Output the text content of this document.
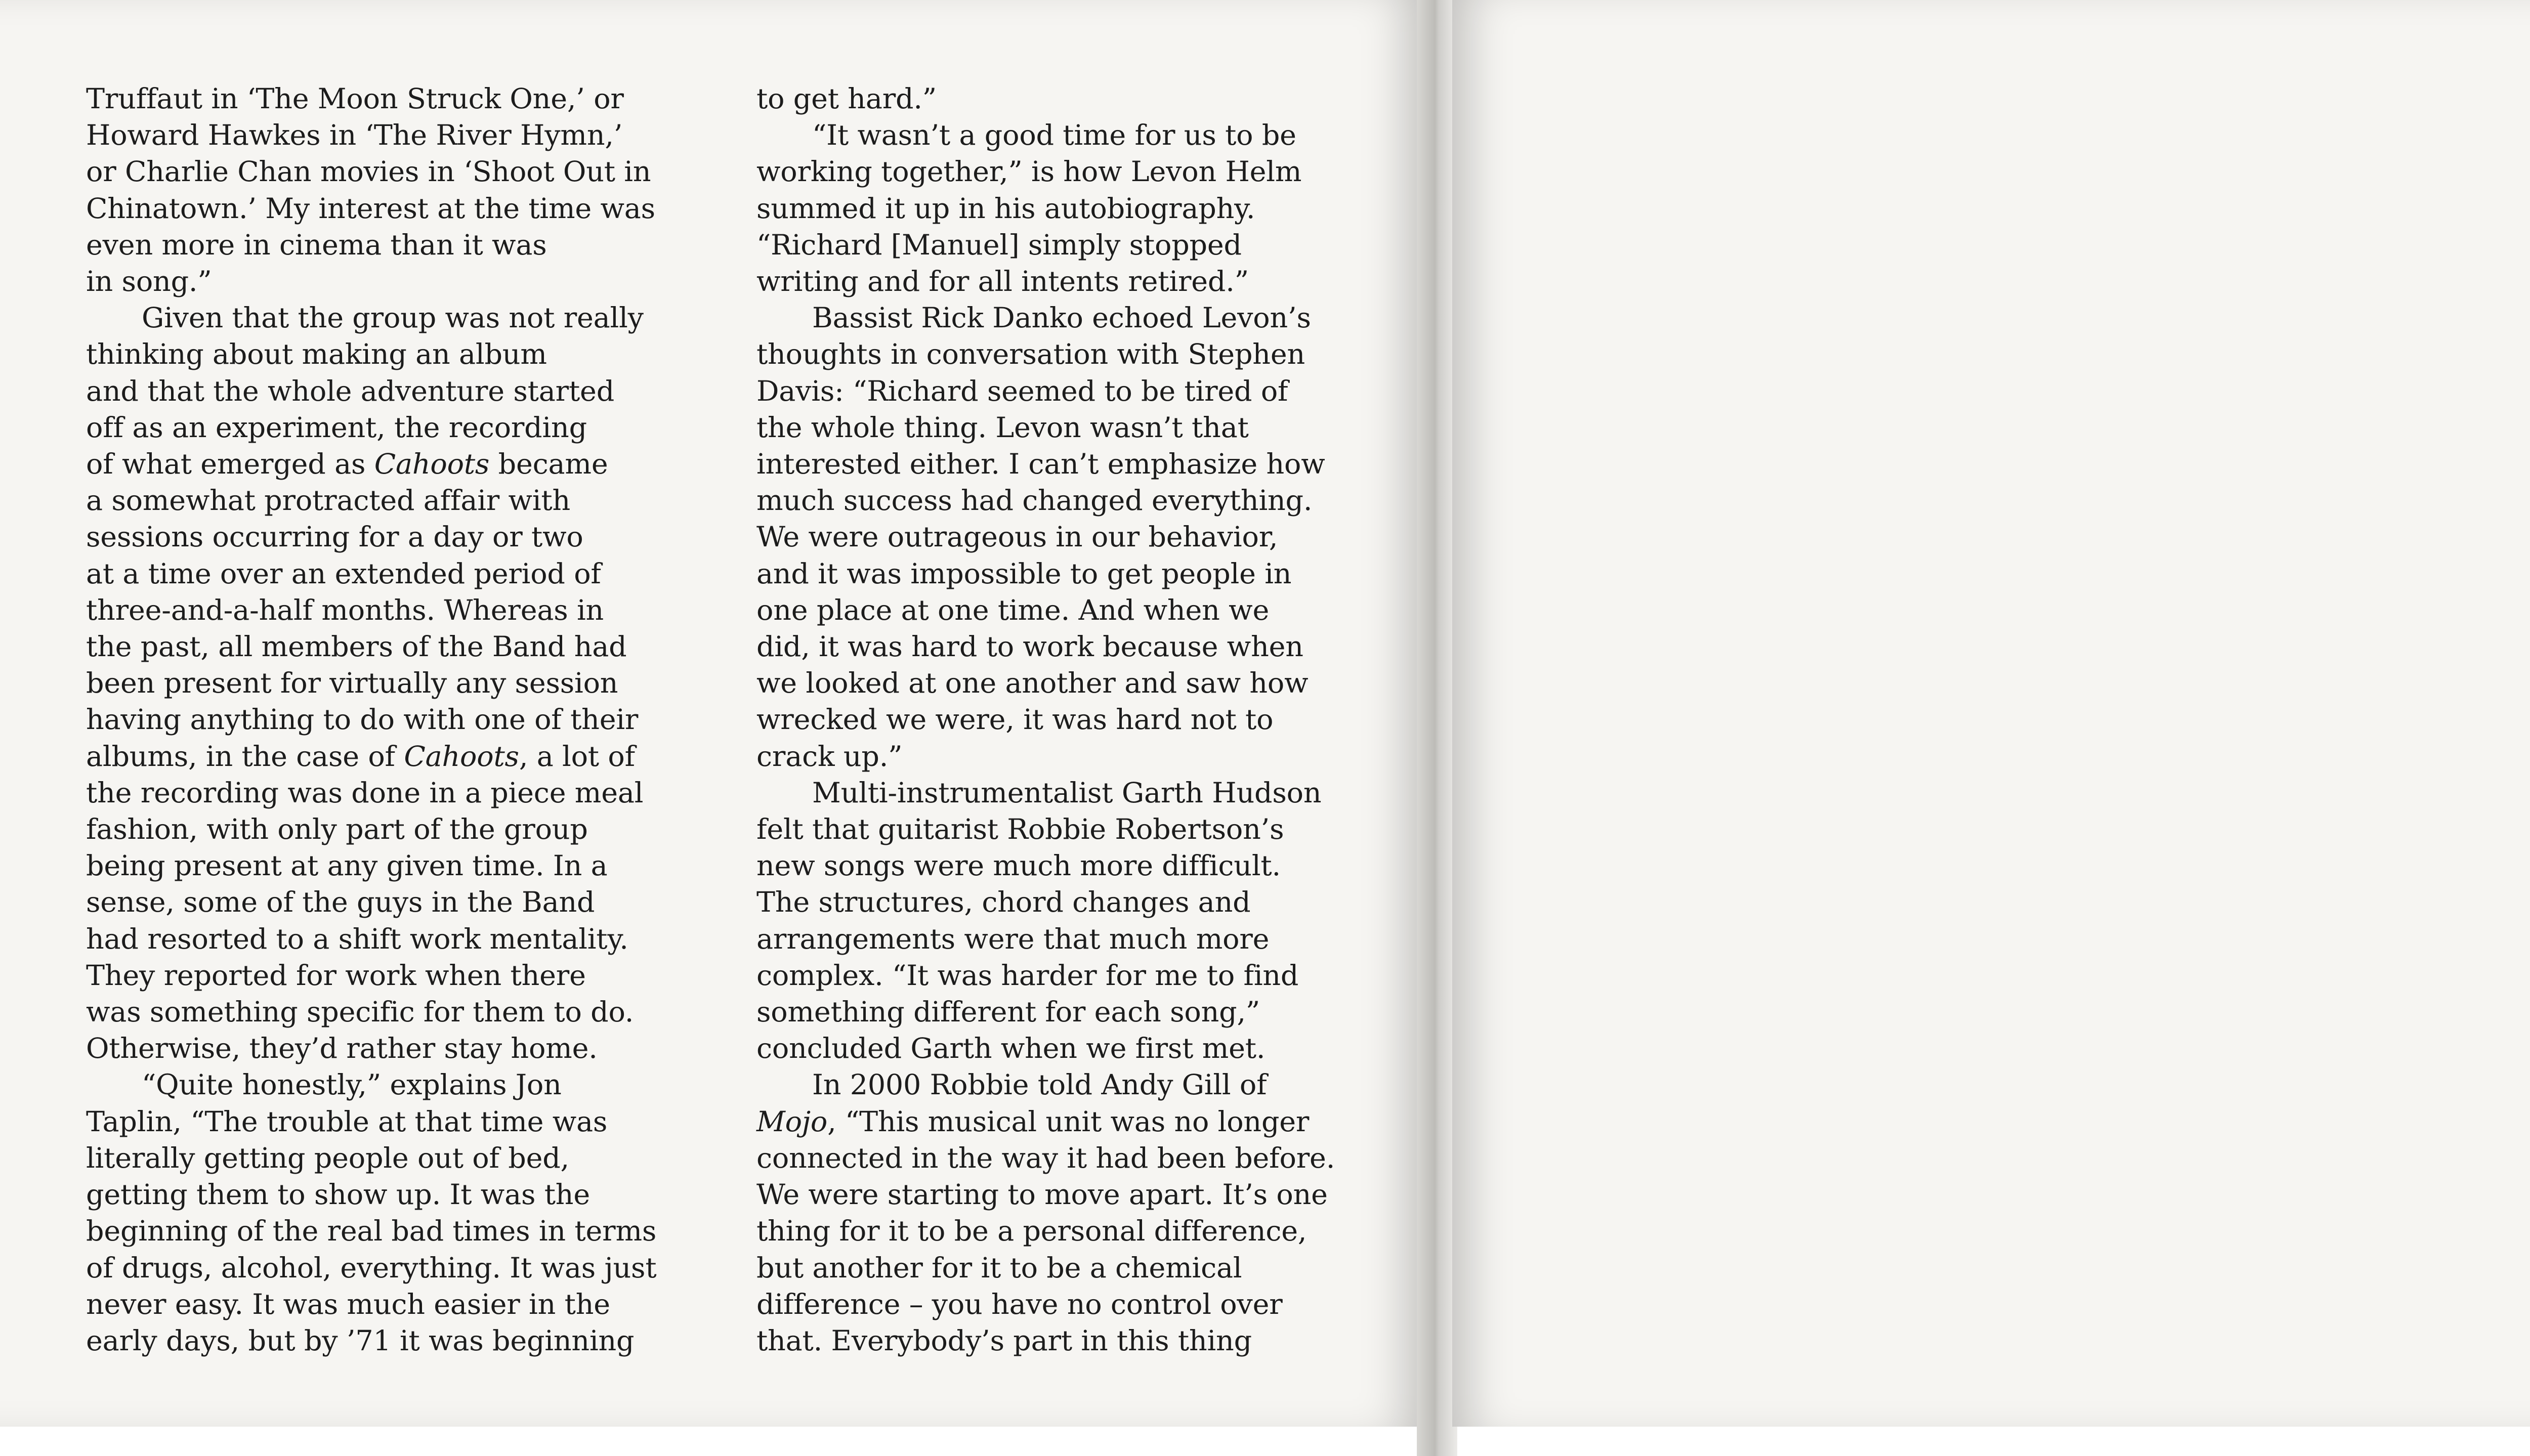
Truffaut in ‘The Moon Struck One,’ or
Howard Hawkes in ‘The River Hymn,’
or Charlie Chan movies in ‘Shoot Out in
Chinatown.’ My interest at the time was
even more in cinema than it was
in song.”

Given that the group was not really
thinking about making an album
and that the whole adventure started
off as an experiment, the recording
of what emerged as Cahoots became
a somewhat protracted affair with
sessions occurring for a day or two
at a time over an extended period of
three-and-a-half months. Whereas in
the past, all members of the Band had
been present for virtually any session
having anything to do with one of their
albums, in the case of Cahoots, a lot of
the recording was done in a piece meal
fashion, with only part of the group
being present at any given time. In a
sense, some of the guys in the Band
had resorted to a shift work mentality.
They reported for work when there
was something specific for them to do.
Otherwise, they’d rather stay home.

“Quite honestly,” explains Jon
Taplin, “The trouble at that time was
literally getting people out of bed,
getting them to show up. It was the
beginning of the real bad times in terms
of drugs, alcohol, everything. It was just
never easy. It was much easier in the
early days, but by ’71 it was beginning

to get hard.”

“It wasn’t a good time for us to be
working together,” is how Levon Helm
summed it up in his autobiography.
“Richard [Manuel] simply stopped
writing and for all intents retired.”

Bassist Rick Danko echoed Levon’s
thoughts in conversation with Stephen
Davis: “Richard seemed to be tired of
the whole thing. Levon wasn’t that
interested either. I can’t emphasize how
much success had changed everything.
We were outrageous in our behavior,
and it was impossible to get people in
one place at one time. And when we
did, it was hard to work because when
we looked at one another and saw how
wrecked we were, it was hard not to
crack up.”

Multi-instrumentalist Garth Hudson
felt that guitarist Robbie Robertson’s
new songs were much more difficult.
The structures, chord changes and
arrangements were that much more
complex. “It was harder for me to find
something different for each song,”
concluded Garth when we first met.

In 2000 Robbie told Andy Gill of
Mojo, “This musical unit was no longer
connected in the way it had been before.
We were starting to move apart. It’s one
thing for it to be a personal difference,
but another for it to be a chemical
difference – you have no control over
that. Everybody’s part in this thing
